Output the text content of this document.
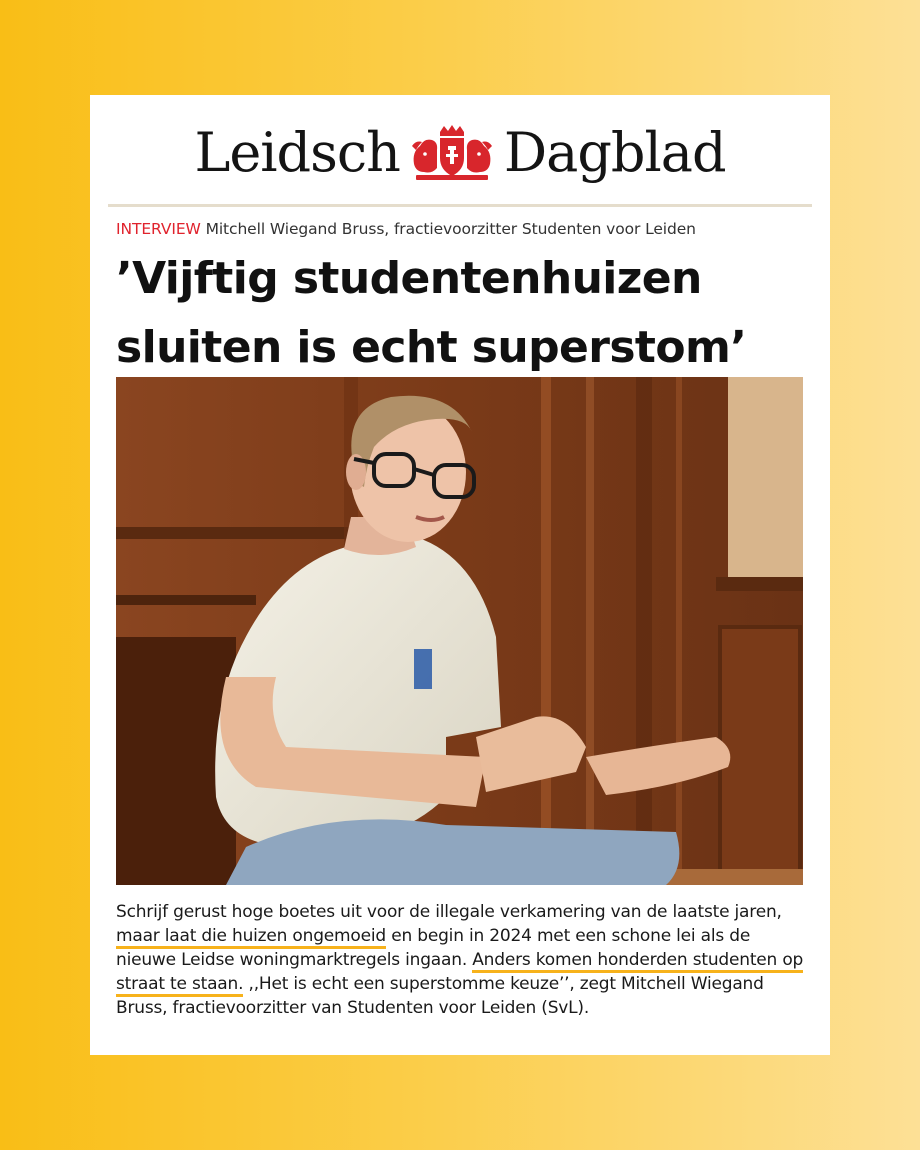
Leidsch Dagblad
INTERVIEW Mitchell Wiegand Bruss, fractievoorzitter Studenten voor Leiden
’Vijftig studentenhuizen
sluiten is echt superstom’

Schrijf gerust hoge boetes uit voor de illegale verkamering van de laatste jaren, maar laat die huizen ongemoeid en begin in 2024 met een schone lei als de nieuwe Leidse woningmarktregels ingaan. Anders komen honderden studenten op straat te staan. ,,Het is echt een superstomme keuze’’, zegt Mitchell Wiegand Bruss, fractievoorzitter van Studenten voor Leiden (SvL).
